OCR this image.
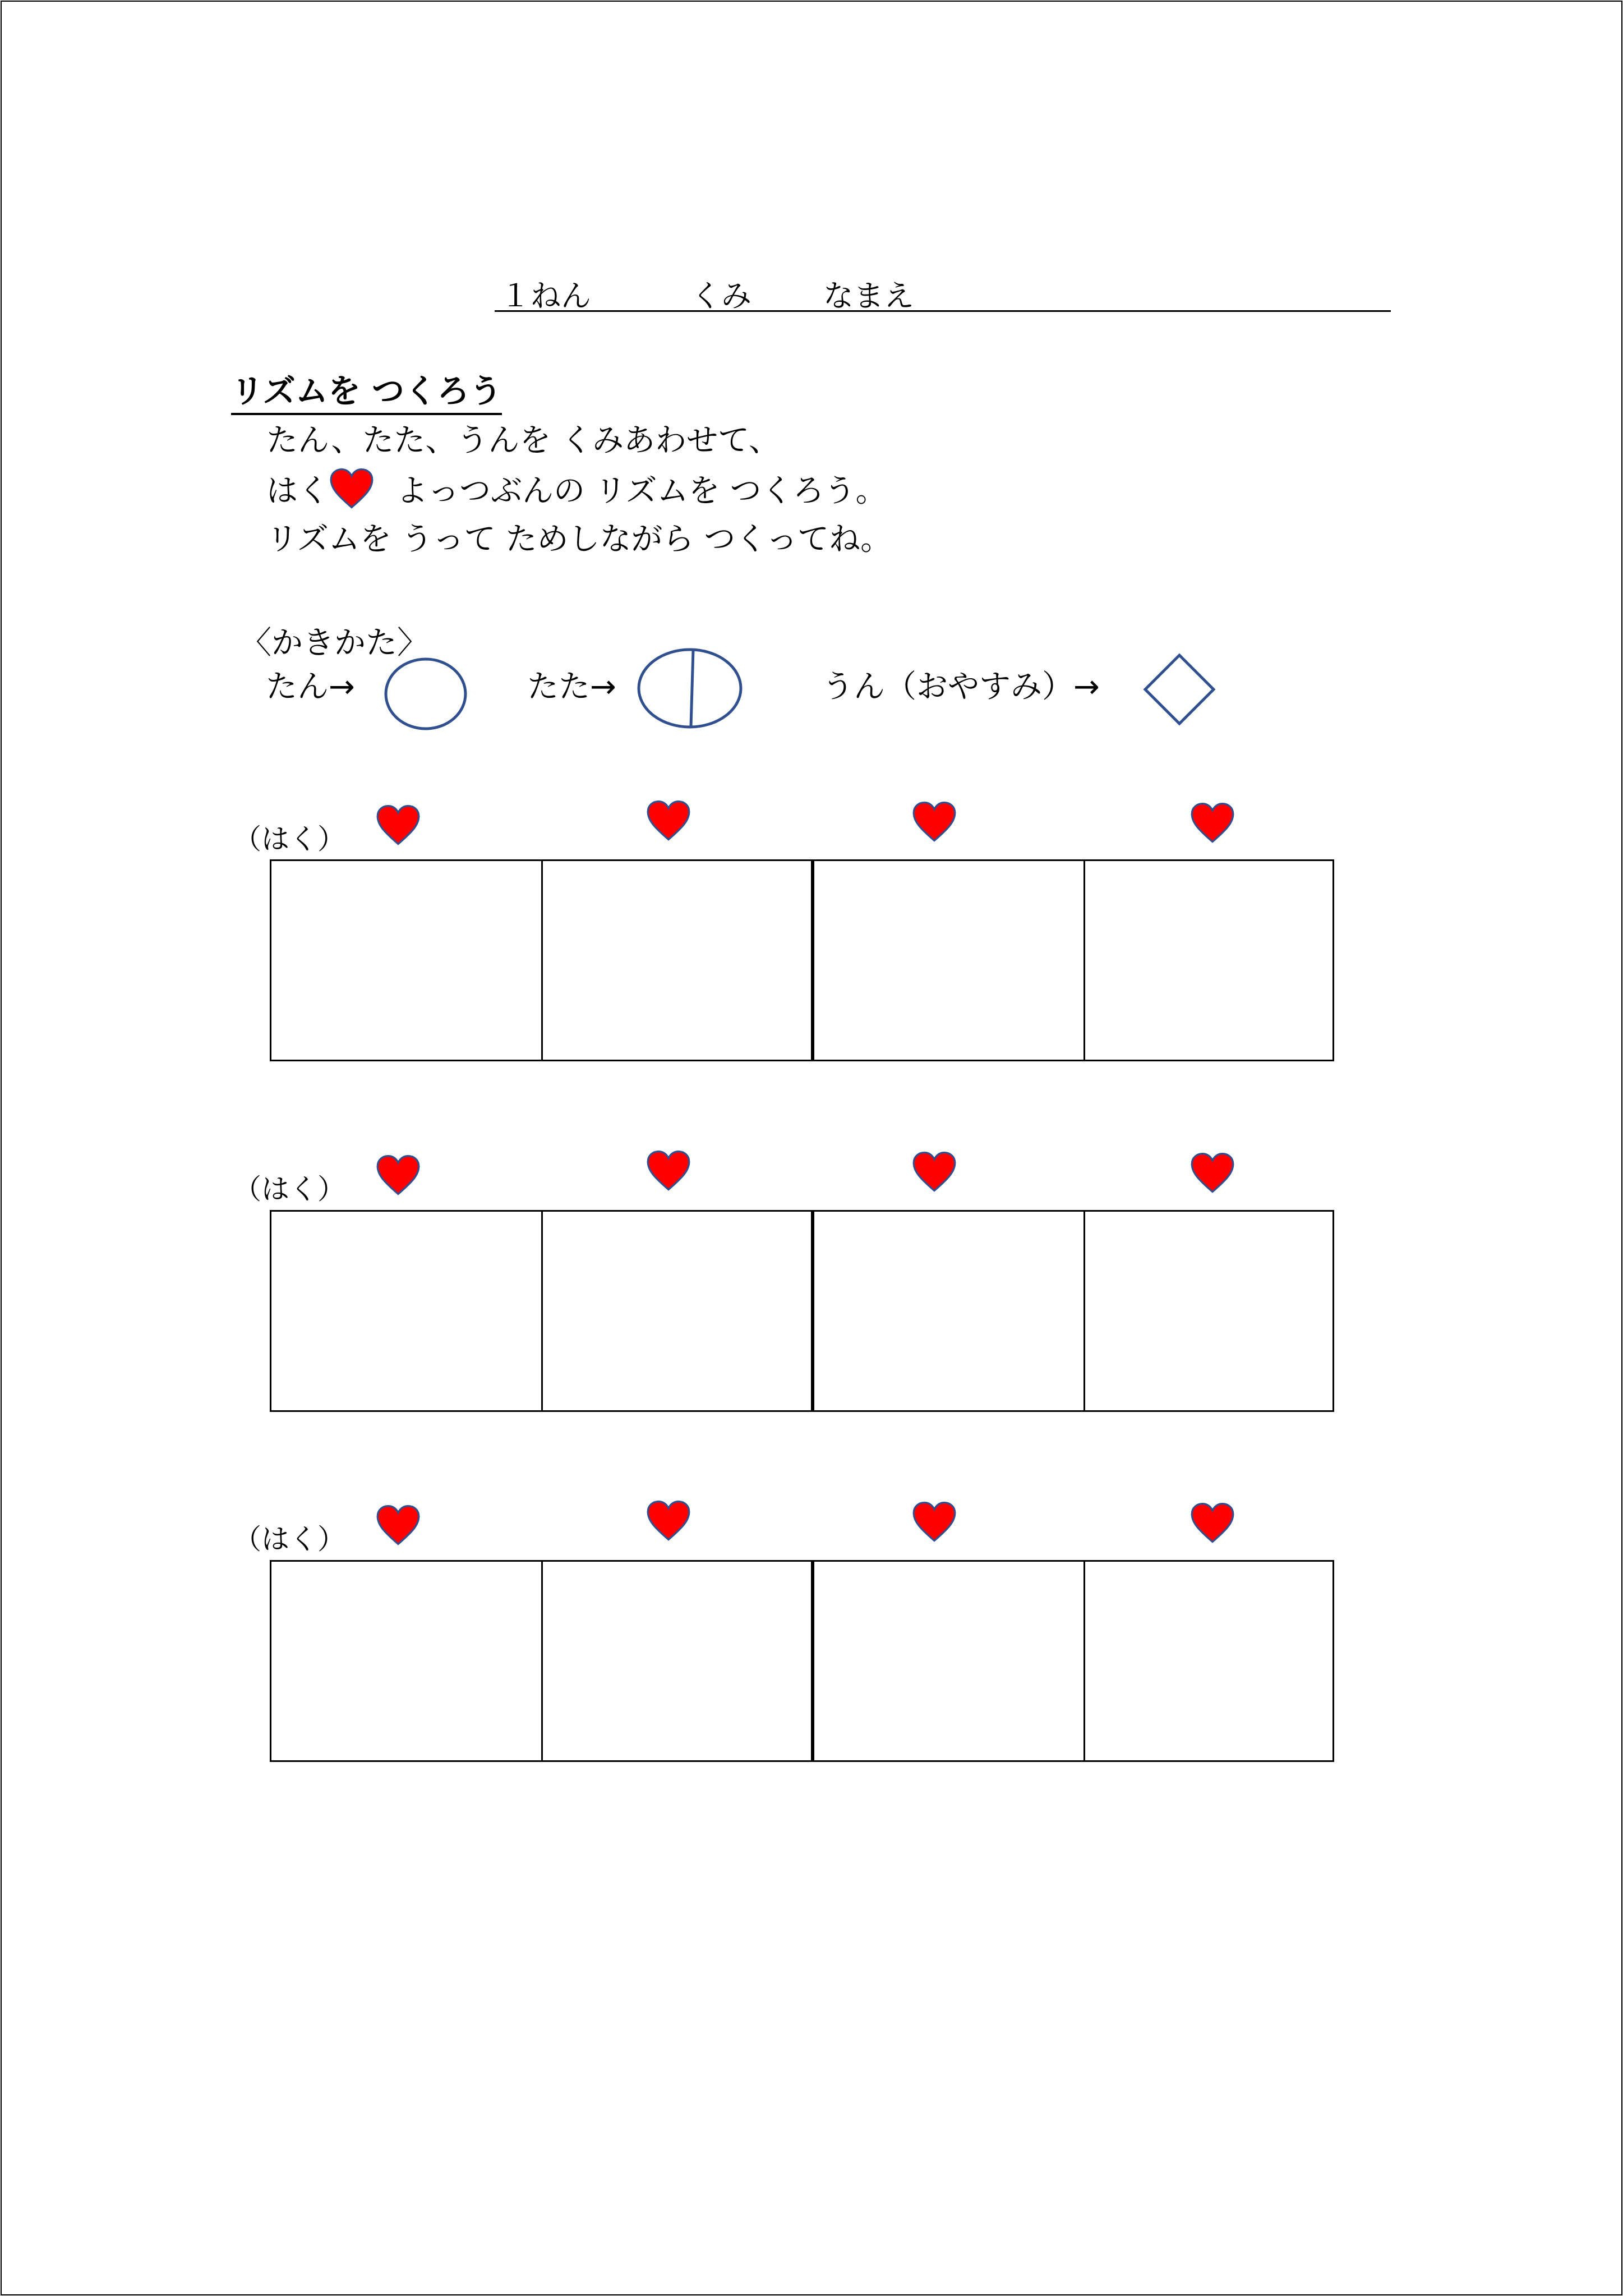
１ねん	くみ なまえ
リズムを つくろう
たん、たた、うんを くみあわせて、
はく よっつぶんの リズムを つくろう。
リズムを うって ためしながら つくってね。
〈かきかた〉
たん→	たた→	うん（おやすみ）→
（はく）
（はく）
（はく）
